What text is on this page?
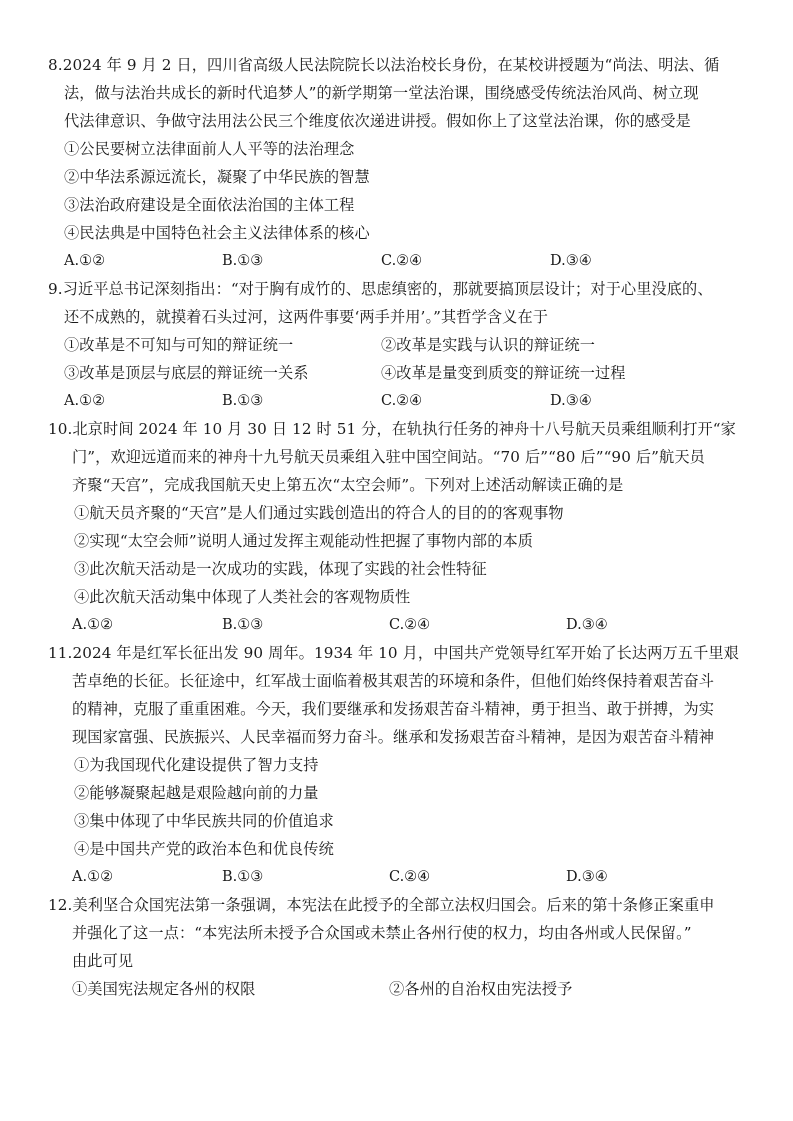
8.2024 年 9 月 2 日，四川省高级人民法院院长以法治校长身份，在某校讲授题为“尚法、明法、循
法，做与法治共成长的新时代追梦人”的新学期第一堂法治课，围绕感受传统法治风尚、树立现
代法律意识、争做守法用法公民三个维度依次递进讲授。假如你上了这堂法治课，你的感受是
①公民要树立法律面前人人平等的法治理念
②中华法系源远流长，凝聚了中华民族的智慧
③法治政府建设是全面依法治国的主体工程
④民法典是中国特色社会主义法律体系的核心
A.①②	B.①③	C.②④	D.③④
9.习近平总书记深刻指出：“对于胸有成竹的、思虑缜密的，那就要搞顶层设计；对于心里没底的、
还不成熟的，就摸着石头过河，这两件事要‘两手并用’。”其哲学含义在于
①改革是不可知与可知的辩证统一	②改革是实践与认识的辩证统一
③改革是顶层与底层的辩证统一关系	④改革是量变到质变的辩证统一过程
A.①②	B.①③	C.②④	D.③④
10.北京时间 2024 年 10 月 30 日 12 时 51 分，在轨执行任务的神舟十八号航天员乘组顺利打开“家
门”，欢迎远道而来的神舟十九号航天员乘组入驻中国空间站。“70 后”“80 后”“90 后”航天员
齐聚“天宫”，完成我国航天史上第五次“太空会师”。下列对上述活动解读正确的是
①航天员齐聚的“天宫”是人们通过实践创造出的符合人的目的的客观事物
②实现“太空会师”说明人通过发挥主观能动性把握了事物内部的本质
③此次航天活动是一次成功的实践，体现了实践的社会性特征
④此次航天活动集中体现了人类社会的客观物质性
A.①②	B.①③	C.②④	D.③④
11.2024 年是红军长征出发 90 周年。1934 年 10 月，中国共产党领导红军开始了长达两万五千里艰
苦卓绝的长征。长征途中，红军战士面临着极其艰苦的环境和条件，但他们始终保持着艰苦奋斗
的精神，克服了重重困难。今天，我们要继承和发扬艰苦奋斗精神，勇于担当、敢于拼搏，为实
现国家富强、民族振兴、人民幸福而努力奋斗。继承和发扬艰苦奋斗精神，是因为艰苦奋斗精神
①为我国现代化建设提供了智力支持
②能够凝聚起越是艰险越向前的力量
③集中体现了中华民族共同的价值追求
④是中国共产党的政治本色和优良传统
A.①②	B.①③	C.②④	D.③④
12.美利坚合众国宪法第一条强调，本宪法在此授予的全部立法权归国会。后来的第十条修正案重申
并强化了这一点：“本宪法所未授予合众国或未禁止各州行使的权力，均由各州或人民保留。”
由此可见
①美国宪法规定各州的权限	②各州的自治权由宪法授予
